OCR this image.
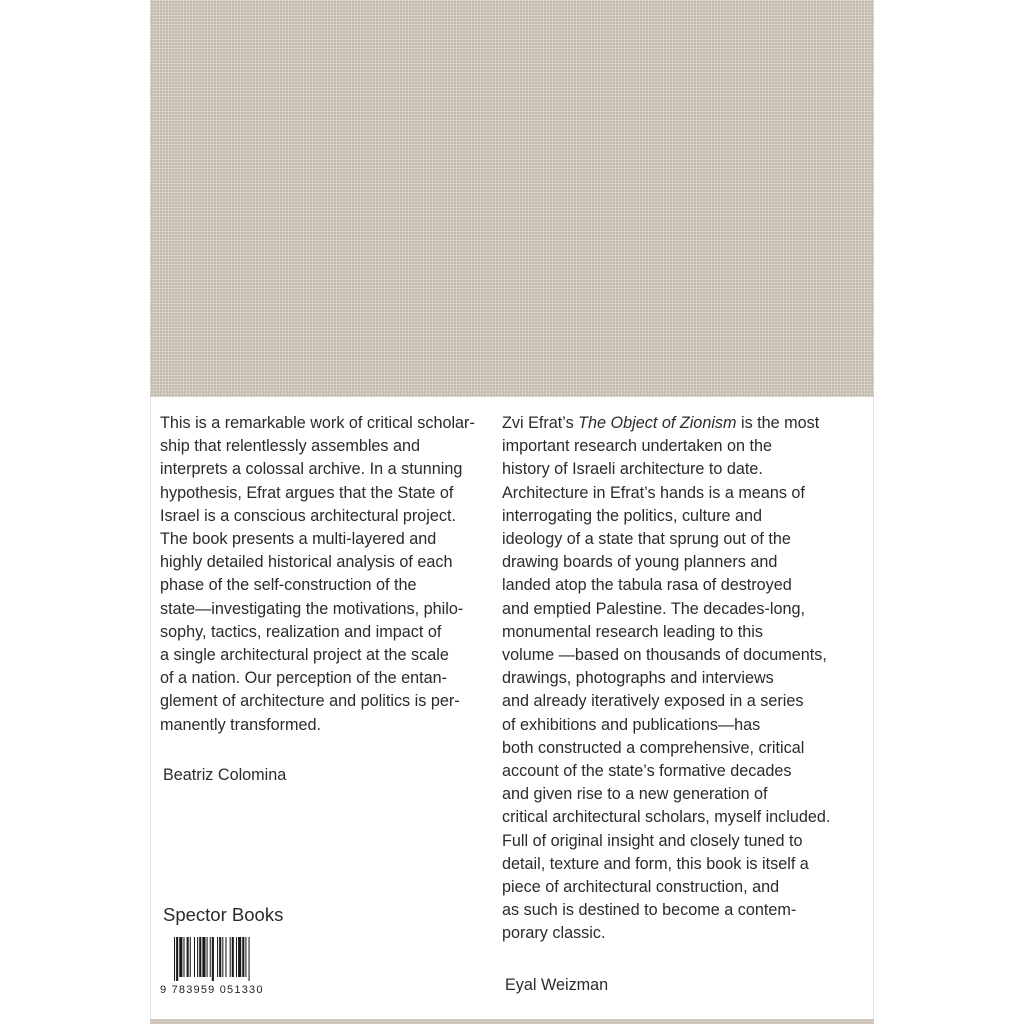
This is a remarkable work of critical scholar-
ship that relentlessly assembles and
interprets a colossal archive. In a stunning
hypothesis, Efrat argues that the State of
Israel is a conscious architectural project.
The book presents a multi-layered and
highly detailed historical analysis of each
phase of the self-construction of the
state—investigating the motivations, philo-
sophy, tactics, realization and impact of
a single architectural project at the scale
of a nation. Our perception of the entan-
glement of architecture and politics is per-
manently transformed.
Beatriz Colomina
Zvi Efrat’s The Object of Zionism is the most
important research undertaken on the
history of Israeli architecture to date.
Architecture in Efrat’s hands is a means of
interrogating the politics, culture and
ideology of a state that sprung out of the
drawing boards of young planners and
landed atop the tabula rasa of destroyed
and emptied Palestine. The decades-long,
monumental research leading to this
volume —based on thousands of documents,
drawings, photographs and interviews
and already iteratively exposed in a series
of exhibitions and publications—has
both constructed a comprehensive, critical
account of the state’s formative decades
and given rise to a new generation of
critical architectural scholars, myself included.
Full of original insight and closely tuned to
detail, texture and form, this book is itself a
piece of architectural construction, and
as such is destined to become a contem-
porary classic.
Eyal Weizman
Spector Books
9 783959 051330
